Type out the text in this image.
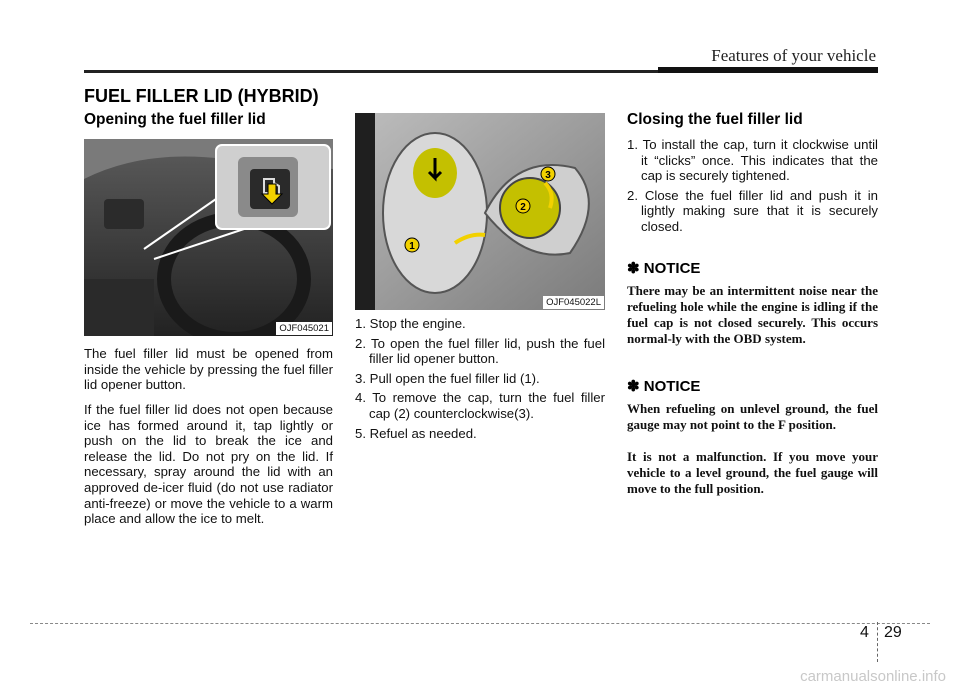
Features of your vehicle
FUEL FILLER LID (HYBRID)
Opening the fuel filler lid
OJF045021

The fuel filler lid must be opened from inside the vehicle by pressing the fuel filler lid opener button.

If the fuel filler lid does not open because ice has formed around it, tap lightly or push on the lid to break the ice and release the lid. Do not pry on the lid. If necessary, spray around the lid with an approved de-icer fluid (do not use radiator anti-freeze) or move the vehicle to a warm place and allow the ice to melt.

1
2
3
OJF045022L
1. Stop the engine.
2. To open the fuel filler lid, push the fuel filler lid opener button.
3. Pull open the fuel filler lid (1).
4. To remove the cap, turn the fuel filler cap (2) counterclockwise(3).
5. Refuel as needed.
Closing the fuel filler lid
1. To install the cap, turn it clockwise until it “clicks” once. This indicates that the cap is securely tightened.
2. Close the fuel filler lid and push it in lightly making sure that it is securely closed.
✽ NOTICE

There may be an intermittent noise near the refueling hole while the engine is idling if the fuel cap is not closed securely. This occurs normal-ly with the OBD system.

✽ NOTICE

When refueling on unlevel ground, the fuel gauge may not point to the F position.

It is not a malfunction. If you move your vehicle to a level ground, the fuel gauge will move to the full position.

4 29
carmanualsonline.info
